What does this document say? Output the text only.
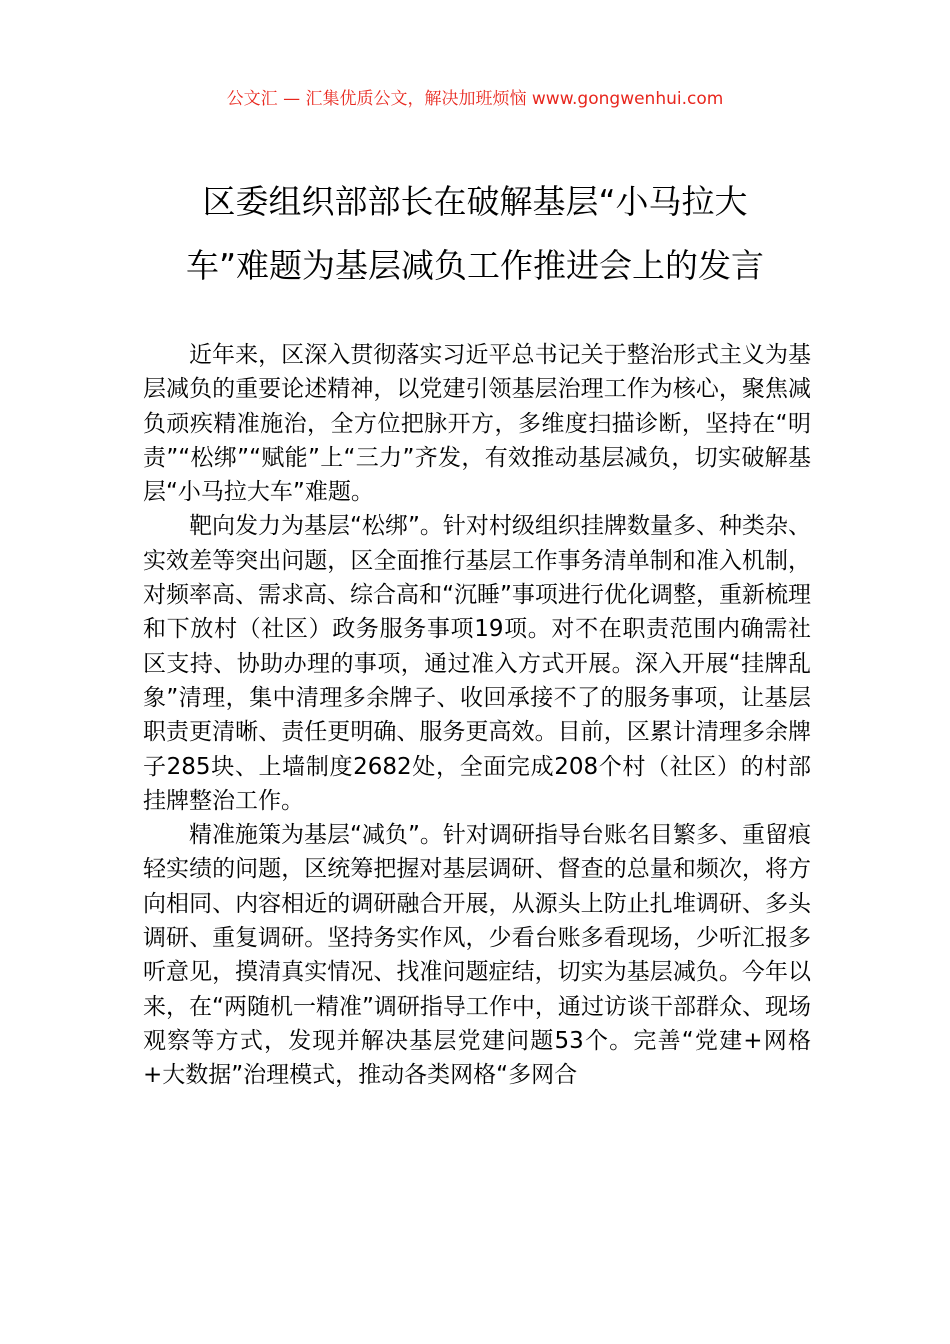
公文汇 — 汇集优质公文，解决加班烦恼 www.gongwenhui.com
区委组织部部长在破解基层“小马拉大
车”难题为基层减负工作推进会上的发言

近年来，区深入贯彻落实习近平总书记关于整治形式主义为基层减负的重要论述精神，以党建引领基层治理工作为核心，聚焦减负顽疾精准施治，全方位把脉开方，多维度扫描诊断，坚持在“明责”“松绑”“赋能”上“三力”齐发，有效推动基层减负，切实破解基层“小马拉大车”难题。

靶向发力为基层“松绑”。针对村级组织挂牌数量多、种类杂、实效差等突出问题，区全面推行基层工作事务清单制和准入机制，对频率高、需求高、综合高和“沉睡”事项进行优化调整，重新梳理和下放村（社区）政务服务事项19项。对不在职责范围内确需社区支持、协助办理的事项，通过准入方式开展。深入开展“挂牌乱象”清理，集中清理多余牌子、收回承接不了的服务事项，让基层职责更清晰、责任更明确、服务更高效。目前，区累计清理多余牌子285块、上墙制度2682处，全面完成208个村（社区）的村部挂牌整治工作。

精准施策为基层“减负”。针对调研指导台账名目繁多、重留痕轻实绩的问题，区统筹把握对基层调研、督查的总量和频次，将方向相同、内容相近的调研融合开展，从源头上防止扎堆调研、多头调研、重复调研。坚持务实作风，少看台账多看现场，少听汇报多听意见，摸清真实情况、找准问题症结，切实为基层减负。今年以来，在“两随机一精准”调研指导工作中，通过访谈干部群众、现场观察等方式，发现并解决基层党建问题53个。完善“党建+网格+大数据”治理模式，推动各类网格“多网合
